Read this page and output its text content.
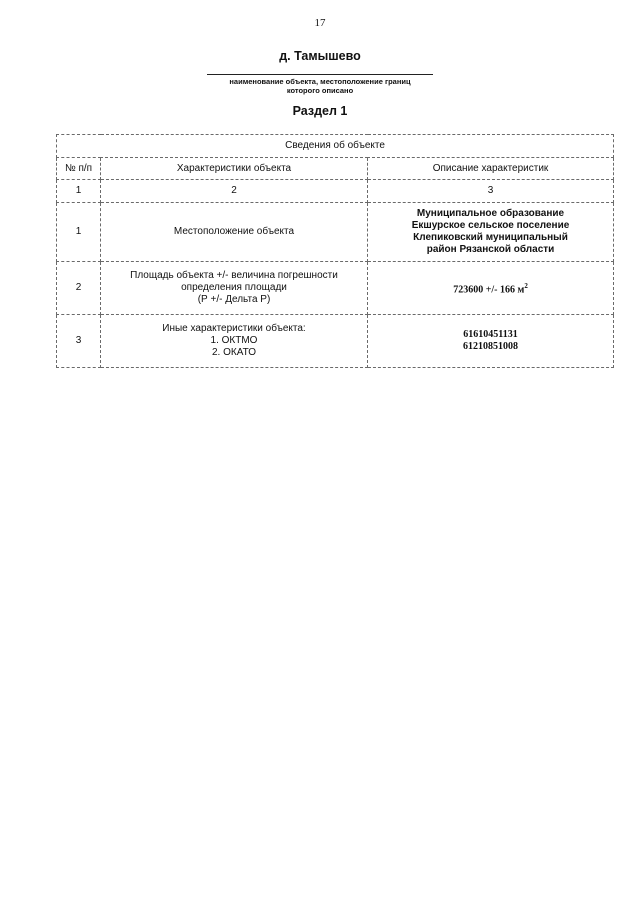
17
д. Тамышево
наименование объекта, местоположение границ
которого описано
Раздел 1
Сведения об объекте		
№ п/п	Характеристики объекта	Описание характеристик
1	2	3
1	Местоположение объекта	Муниципальное образование
Екшурское сельское поселение
Клепиковский муниципальный
район Рязанской области

2	Площадь объекта +/- величина погрешности
определения площади
(Р +/- Дельта Р)	723600 +/- 166 $м^2$
3	Иные характеристики объекта:
1. ОКТМО
2. ОКАТО	61610451131
61210851008
